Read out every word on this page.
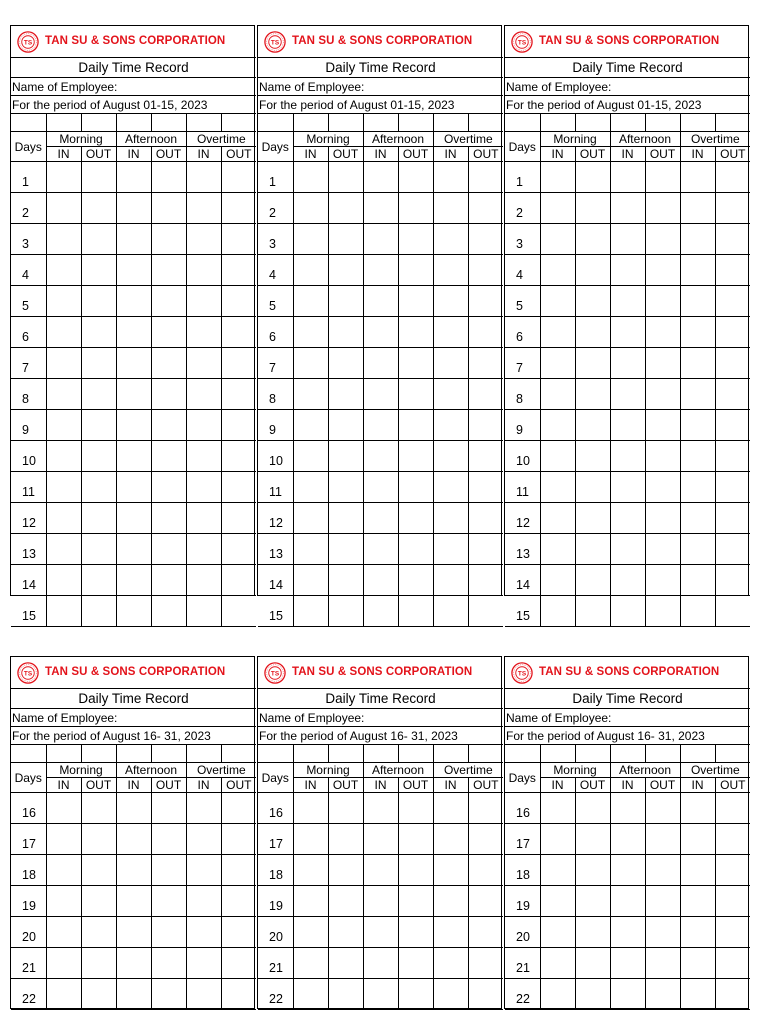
TS TAN SU & SONS CORPORATION						

Daily Time Record						
Name of Employee:						
For the period of August 01-15, 2023						

Days	Morning		Afternoon		Overtime	
	IN	OUT	IN	OUT	IN	OUT
1						
2						
3						
4						
5						
6						
7						
8						
9						
10						
11						
12						
13						
14						
15						
TS TAN SU & SONS CORPORATION						

Daily Time Record						
Name of Employee:						
For the period of August 01-15, 2023						

Days	Morning		Afternoon		Overtime	
	IN	OUT	IN	OUT	IN	OUT
1						
2						
3						
4						
5						
6						
7						
8						
9						
10						
11						
12						
13						
14						
15						
TS TAN SU & SONS CORPORATION						

Daily Time Record						
Name of Employee:						
For the period of August 01-15, 2023						

Days	Morning		Afternoon		Overtime	
	IN	OUT	IN	OUT	IN	OUT
1						
2						
3						
4						
5						
6						
7						
8						
9						
10						
11						
12						
13						
14						
15						
TS TAN SU & SONS CORPORATION						

Daily Time Record						
Name of Employee:						
For the period of August 16- 31, 2023						

Days	Morning		Afternoon		Overtime	
	IN	OUT	IN	OUT	IN	OUT
16						
17						
18						
19						
20						
21						
22						
TS TAN SU & SONS CORPORATION						

Daily Time Record						
Name of Employee:						
For the period of August 16- 31, 2023						

Days	Morning		Afternoon		Overtime	
	IN	OUT	IN	OUT	IN	OUT
16						
17						
18						
19						
20						
21						
22						
TS TAN SU & SONS CORPORATION						

Daily Time Record						
Name of Employee:						
For the period of August 16- 31, 2023						

Days	Morning		Afternoon		Overtime	
	IN	OUT	IN	OUT	IN	OUT
16						
17						
18						
19						
20						
21						
22						
